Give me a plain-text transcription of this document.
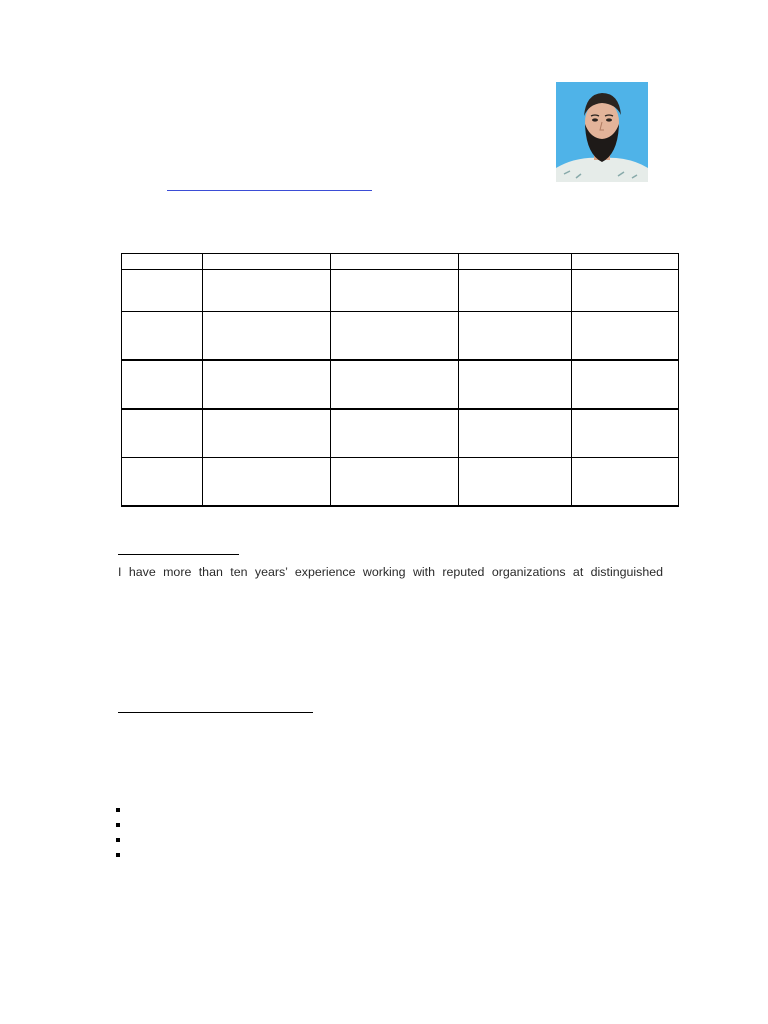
I have more than ten years’ experience working with reputed organizations at distinguished
